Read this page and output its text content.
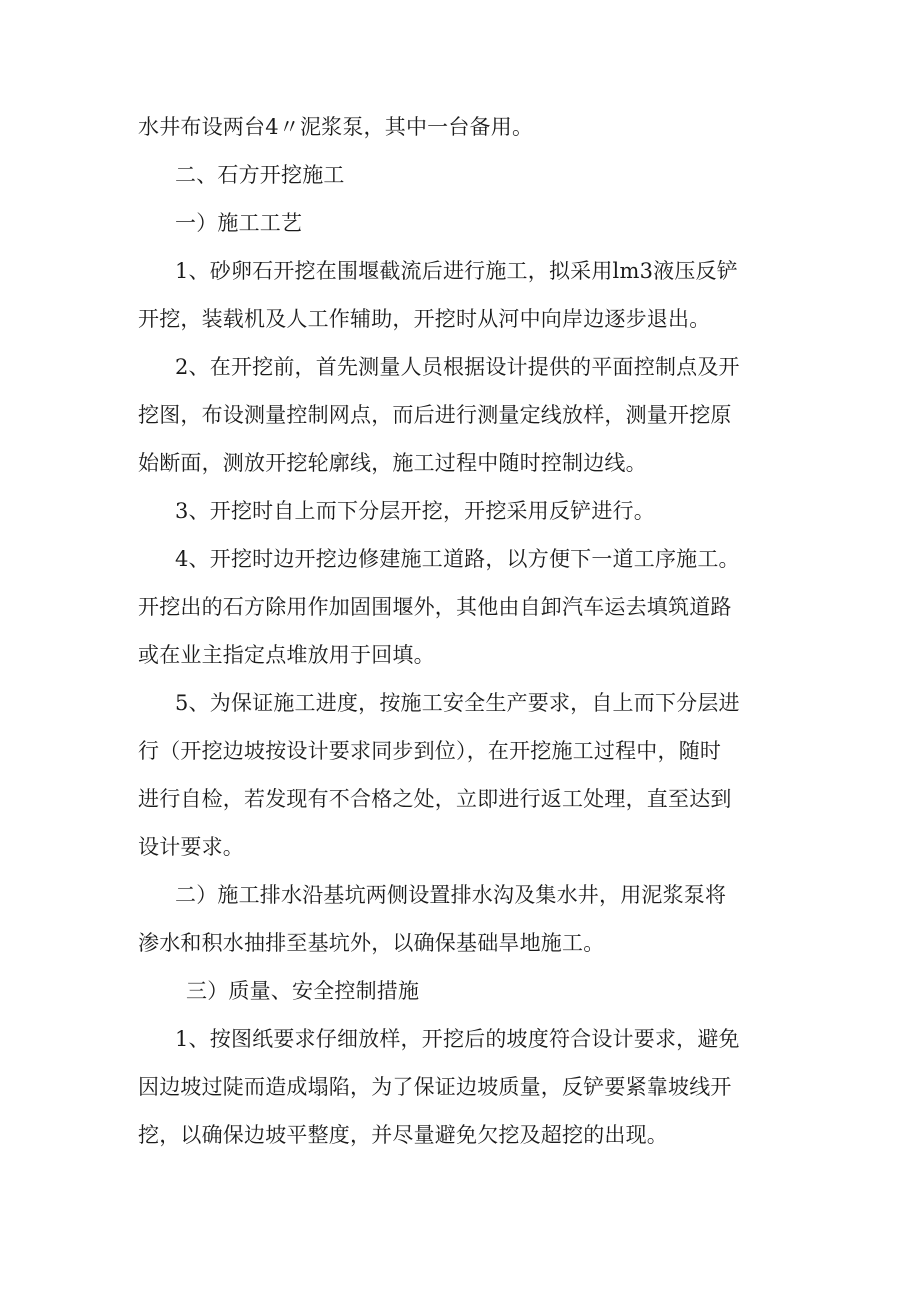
水井布设两台4〃泥浆泵，其中一台备用。
二、石方开挖施工
一）施工工艺
1、砂卵石开挖在围堰截流后进行施工，拟采用lm3液压反铲
开挖，装载机及人工作辅助，开挖时从河中向岸边逐步退出。
2、在开挖前，首先测量人员根据设计提供的平面控制点及开
挖图，布设测量控制网点，而后进行测量定线放样，测量开挖原
始断面，测放开挖轮廓线，施工过程中随时控制边线。
3、开挖时自上而下分层开挖，开挖采用反铲进行。
4、开挖时边开挖边修建施工道路，以方便下一道工序施工。
开挖出的石方除用作加固围堰外，其他由自卸汽车运去填筑道路
或在业主指定点堆放用于回填。
5、为保证施工进度，按施工安全生产要求，自上而下分层进
行（开挖边坡按设计要求同步到位），在开挖施工过程中，随时
进行自检，若发现有不合格之处，立即进行返工处理，直至达到
设计要求。
二）施工排水沿基坑两侧设置排水沟及集水井，用泥浆泵将
渗水和积水抽排至基坑外，以确保基础旱地施工。
三）质量、安全控制措施
1、按图纸要求仔细放样，开挖后的坡度符合设计要求，避免
因边坡过陡而造成塌陷，为了保证边坡质量，反铲要紧靠坡线开
挖，以确保边坡平整度，并尽量避免欠挖及超挖的出现。
